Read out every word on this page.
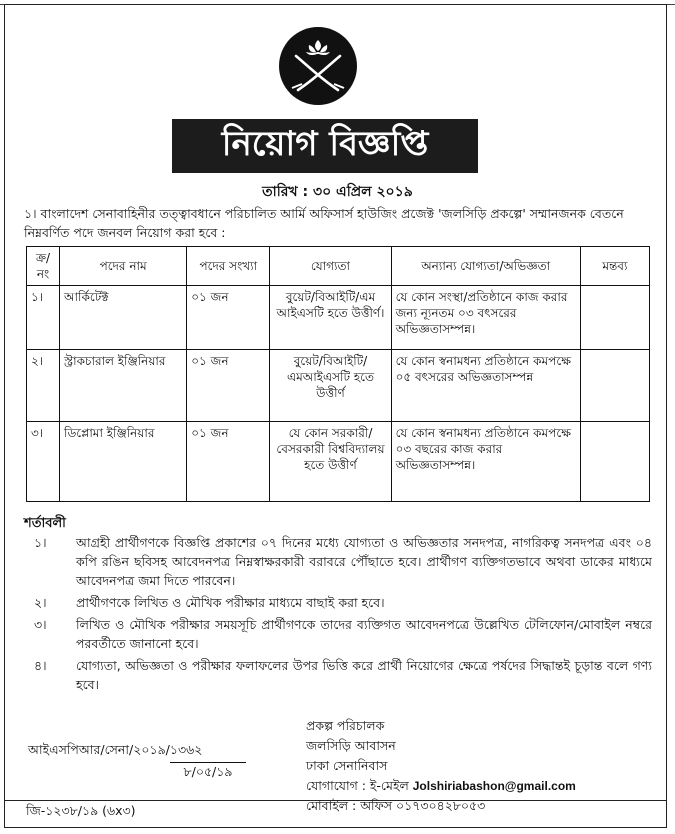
নিয়োগ বিজ্ঞপ্তি
তারিখ : ৩০ এপ্রিল ২০১৯
১। বাংলাদেশ সেনাবাহিনীর তত্ত্বাবধানে পরিচালিত আর্মি অফিসার্স হাউজিং প্রজেক্ট 'জলসিড়ি প্রকল্পে' সম্মানজনক বেতনে নিম্নবর্ণিত পদে জনবল নিয়োগ করা হবে :
ক্র/ নং	পদের নাম	পদের সংখ্যা	যোগ্যতা	অন্যান্য যোগ্যতা/অভিজ্ঞতা	মন্তব্য
১।	আর্কিটেক্ট	০১ জন	বুয়েট/বিআইটি/এম আইএসটি হতে উত্তীর্ণ।	যে কোন সংস্থা/প্রতিষ্ঠানে কাজ করার জন্য ন্যূনতম ০৩ বৎসরের অভিজ্ঞতাসম্পন্ন।	
২।	স্ট্রাকচারাল ইঞ্জিনিয়ার	০১ জন	বুয়েট/বিআইটি/ এমআইএসটি হতে উত্তীর্ণ	যে কোন স্বনামধন্য প্রতিষ্ঠানে কমপক্ষে ০৫ বৎসরের অভিজ্ঞতাসম্পন্ন	
৩।	ডিপ্লোমা ইঞ্জিনিয়ার	০১ জন	যে কোন সরকারী/বেসরকারী বিশ্ববিদ্যালয় হতে উত্তীর্ণ	যে কোন স্বনামধন্য প্রতিষ্ঠানে কমপক্ষে ০৩ বছরের কাজ করার অভিজ্ঞতাসম্পন্ন।	
শর্তাবলী
১।	আগ্রহী প্রার্থীগণকে বিজ্ঞপ্তি প্রকাশের ০৭ দিনের মধ্যে যোগ্যতা ও অভিজ্ঞতার সনদপত্র, নাগরিকত্ব সনদপত্র এবং ০৪ কপি রঙিন ছবিসহ আবেদনপত্র নিম্নস্বাক্ষরকারী বরাবরে পৌঁছাতে হবে। প্রার্থীগণ ব্যক্তিগতভাবে অথবা ডাকের মাধ্যমে আবেদনপত্র জমা দিতে পারবেন।
২।	প্রার্থীগণকে লিখিত ও মৌখিক পরীক্ষার মাধ্যমে বাছাই করা হবে।
৩।	লিখিত ও মৌখিক পরীক্ষার সময়সূচি প্রার্থীগণকে তাদের ব্যক্তিগত আবেদনপত্রে উল্লেখিত টেলিফোন/মোবাইল নম্বরে পরবর্তীতে জানানো হবে।
৪।	যোগ্যতা, অভিজ্ঞতা ও পরীক্ষার ফলাফলের উপর ভিত্তি করে প্রার্থী নিয়োগের ক্ষেত্রে পর্ষদের সিদ্ধান্তই চূড়ান্ত বলে গণ্য হবে।
প্রকল্প পরিচালক
জলসিড়ি আবাসন
ঢাকা সেনানিবাস
যোগাযোগ : ই-মেইল Jolshiriabashon@gmail.com
মোবাইল : অফিস ০১৭৩০৪২৮০৫৩
আইএসপিআর/সেনা/২০১৯/১৩৬২
৮/০৫/১৯
জি-১২৩৮/১৯ (৬x৩)
